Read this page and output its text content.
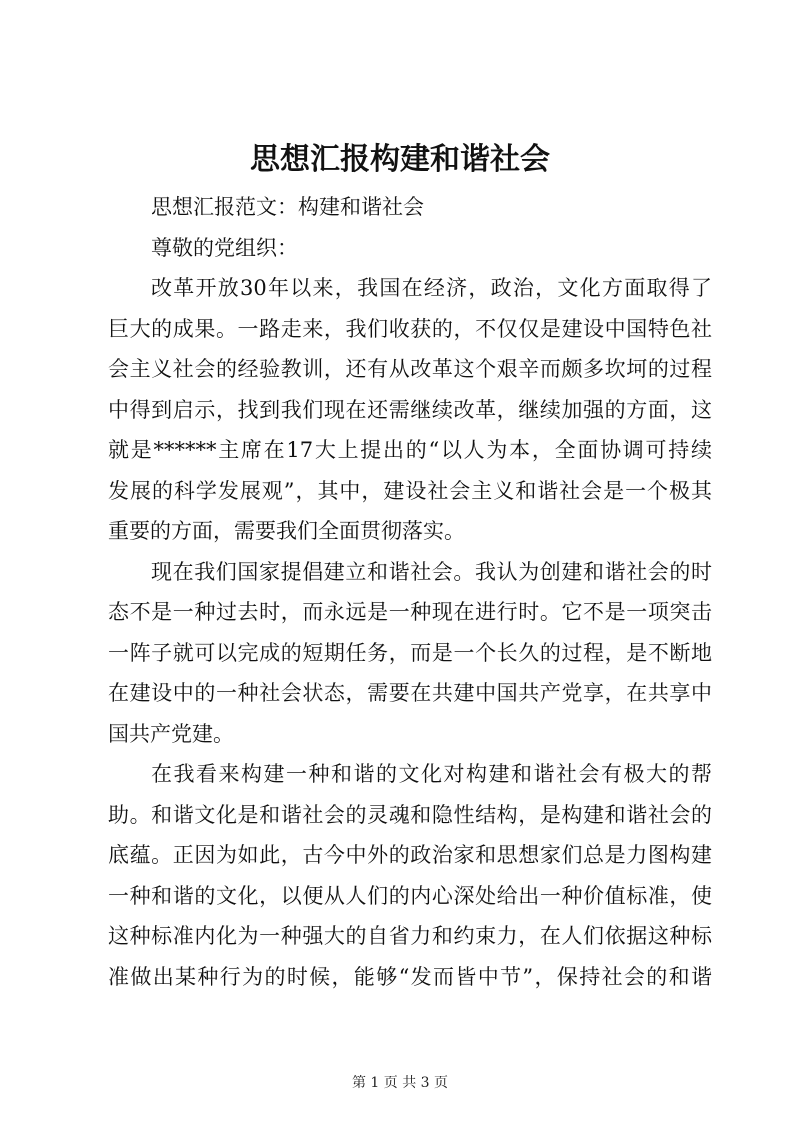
思想汇报构建和谐社会
思想汇报范文：构建和谐社会
尊敬的党组织：
改革开放30年以来，我国在经济，政治，文化方面取得了
巨大的成果。一路走来，我们收获的，不仅仅是建设中国特色社
会主义社会的经验教训，还有从改革这个艰辛而颇多坎坷的过程
中得到启示，找到我们现在还需继续改革，继续加强的方面，这
就是******主席在17大上提出的“以人为本，全面协调可持续
发展的科学发展观”，其中，建设社会主义和谐社会是一个极其
重要的方面，需要我们全面贯彻落实。
现在我们国家提倡建立和谐社会。我认为创建和谐社会的时
态不是一种过去时，而永远是一种现在进行时。它不是一项突击
一阵子就可以完成的短期任务，而是一个长久的过程，是不断地
在建设中的一种社会状态，需要在共建中国共产党享，在共享中
国共产党建。
在我看来构建一种和谐的文化对构建和谐社会有极大的帮
助。和谐文化是和谐社会的灵魂和隐性结构，是构建和谐社会的
底蕴。正因为如此，古今中外的政治家和思想家们总是力图构建
一种和谐的文化，以便从人们的内心深处给出一种价值标准，使
这种标准内化为一种强大的自省力和约束力，在人们依据这种标
准做出某种行为的时候，能够“发而皆中节”，保持社会的和谐
第 1 页 共 3 页
